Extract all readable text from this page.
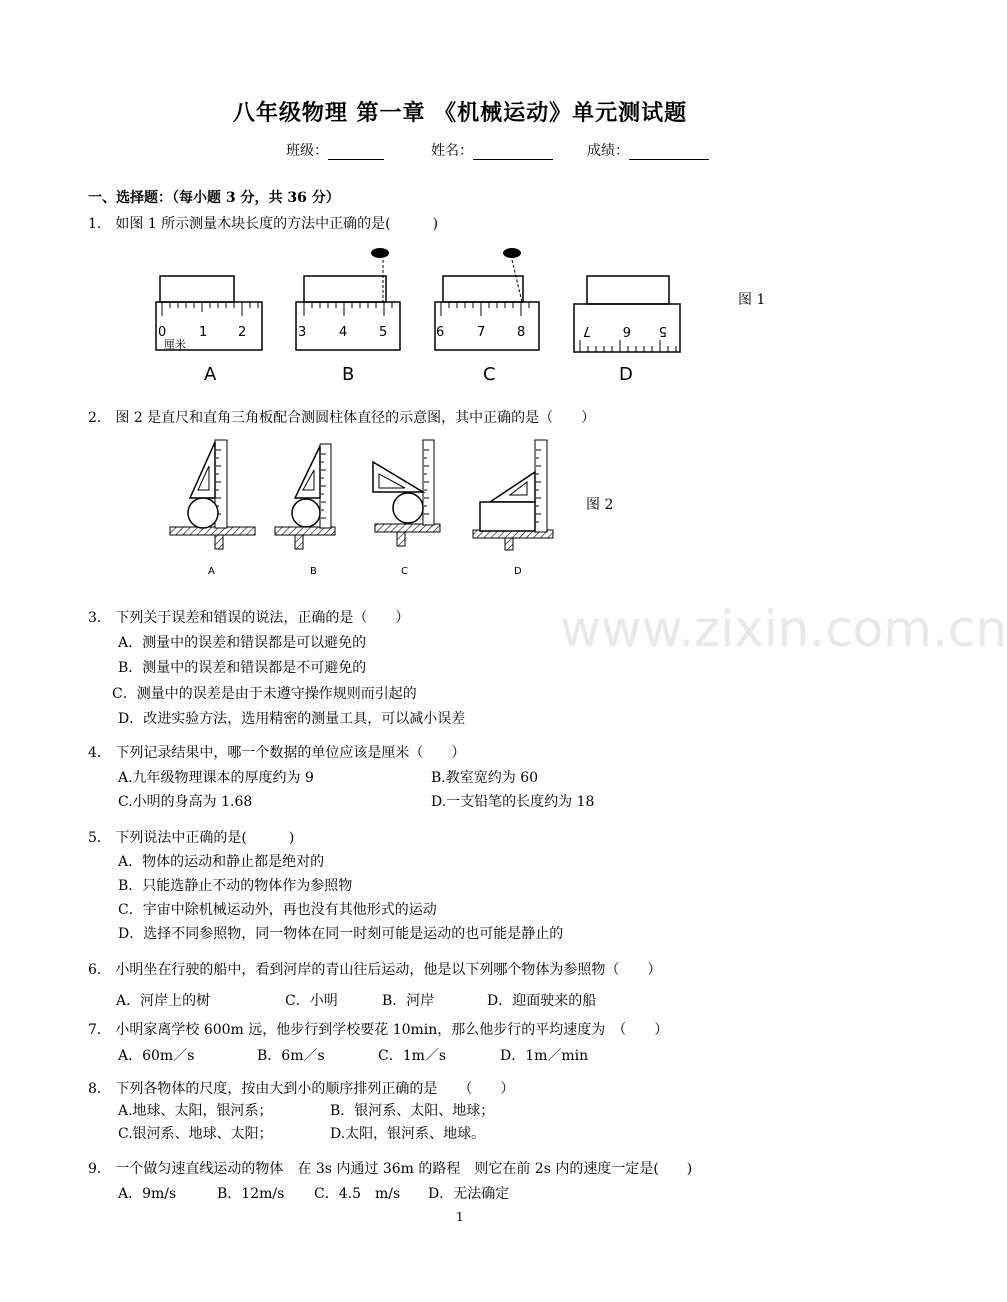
八年级物理 第一章 《机械运动》单元测试题
班级：	姓名：	成绩：
一、选择题：（每小题 3 分，共 36 分）
1． 如图 1 所示测量木块长度的方法中正确的是(　　　)
0	1 2
厘米
A
3	4 5
B
6	7 8
C
7 6 5
D
图 1
2． 图 2 是直尺和直角三角板配合测圆柱体直径的示意图，其中正确的是（　　）
A	B	C	D
图 2
www.zixin.com.cn
3． 下列关于误差和错误的说法，正确的是（　　）
A．测量中的误差和错误都是可以避免的
B．测量中的误差和错误都是不可避免的
C．测量中的误差是由于未遵守操作规则而引起的
D．改进实验方法，选用精密的测量工具，可以减小误差
4． 下列记录结果中，哪一个数据的单位应该是厘米（　　）
A.九年级物理课本的厚度约为 9	B.教室宽约为 60
C.小明的身高为 1.68	D.一支铅笔的长度约为 18
5． 下列说法中正确的是(　　　)
A．物体的运动和静止都是绝对的
B．只能选静止不动的物体作为参照物
C．宇宙中除机械运动外，再也没有其他形式的运动
D．选择不同参照物，同一物体在同一时刻可能是运动的也可能是静止的
6． 小明坐在行驶的船中，看到河岸的青山往后运动，他是以下列哪个物体为参照物（　　）
A．河岸上的树	C．小明	B．河岸	D．迎面驶来的船
7． 小明家离学校 600m 远，他步行到学校要花 10min，那么他步行的平均速度为　（　　）
A．60m／s	B．6m／s	C．1m／s	D．1m／min
8． 下列各物体的尺度，按由大到小的顺序排列正确的是　　（　　）
A.地球、太阳，银河系；	B．银河系、太阳、地球；
C.银河系、地球、太阳；	D.太阳，银河系、地球。
9． 一个做匀速直线运动的物体　在 3s 内通过 36m 的路程　则它在前 2s 内的速度一定是(　　)
A．9m/s	B．12m/s C．4.5　m/s D．无法确定
1
